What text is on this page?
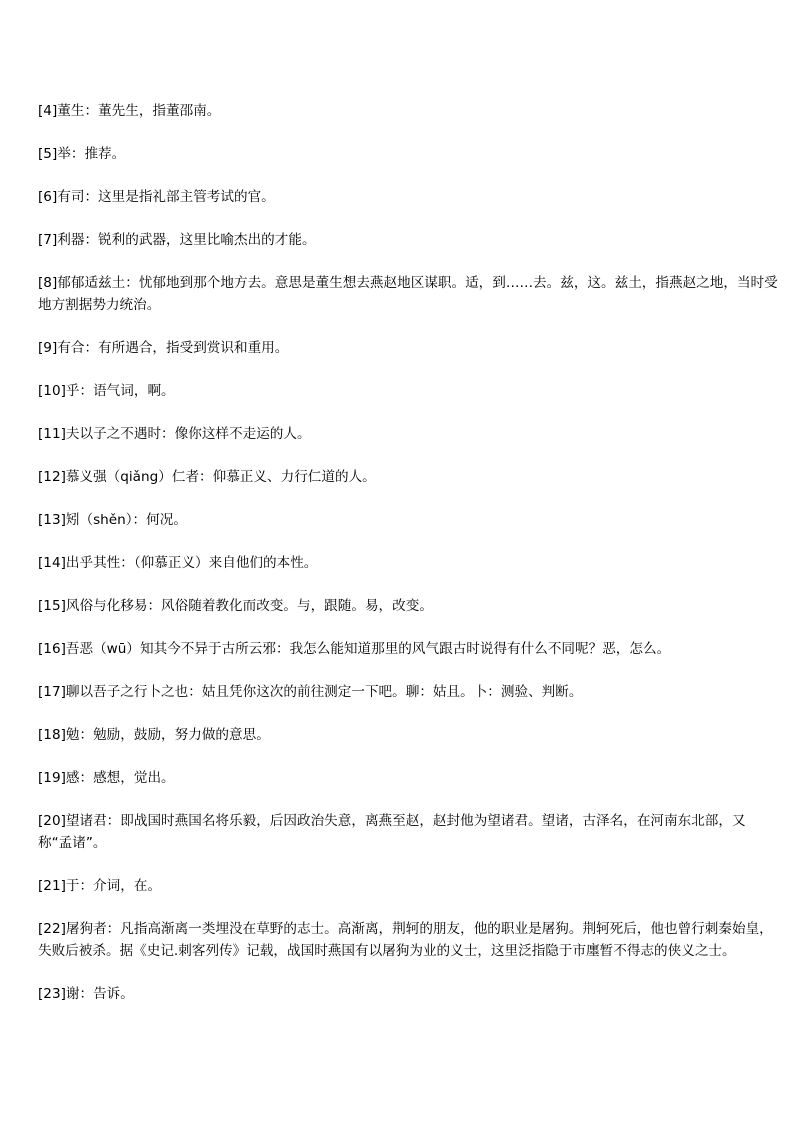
[4]董生：董先生，指董邵南。

[5]举：推荐。

[6]有司：这里是指礼部主管考试的官。

[7]利器：锐利的武器，这里比喻杰出的才能。

[8]郁郁适兹土：忧郁地到那个地方去。意思是董生想去燕赵地区谋职。适，到……去。兹，这。兹土，指燕赵之地，当时受地方割据势力统治。

[9]有合：有所遇合，指受到赏识和重用。

[10]乎：语气词，啊。

[11]夫以子之不遇时：像你这样不走运的人。

[12]慕义强（qiǎng）仁者：仰慕正义、力行仁道的人。

[13]矧（shěn）：何况。

[14]出乎其性：（仰慕正义）来自他们的本性。

[15]风俗与化移易：风俗随着教化而改变。与，跟随。易，改变。

[16]吾恶（wū）知其今不异于古所云邪：我怎么能知道那里的风气跟古时说得有什么不同呢？恶，怎么。

[17]聊以吾子之行卜之也：姑且凭你这次的前往测定一下吧。聊：姑且。卜：测验、判断。

[18]勉：勉励，鼓励，努力做的意思。

[19]感：感想，觉出。

[20]望诸君：即战国时燕国名将乐毅，后因政治失意，离燕至赵，赵封他为望诸君。望诸，古泽名，在河南东北部，又称“孟诸”。

[21]于：介词，在。

[22]屠狗者：凡指高渐离一类埋没在草野的志士。高渐离，荆轲的朋友，他的职业是屠狗。荆轲死后，他也曾行刺秦始皇，失败后被杀。据《史记.刺客列传》记载，战国时燕国有以屠狗为业的义士，这里泛指隐于市廛暂不得志的侠义之士。

[23]谢：告诉。
